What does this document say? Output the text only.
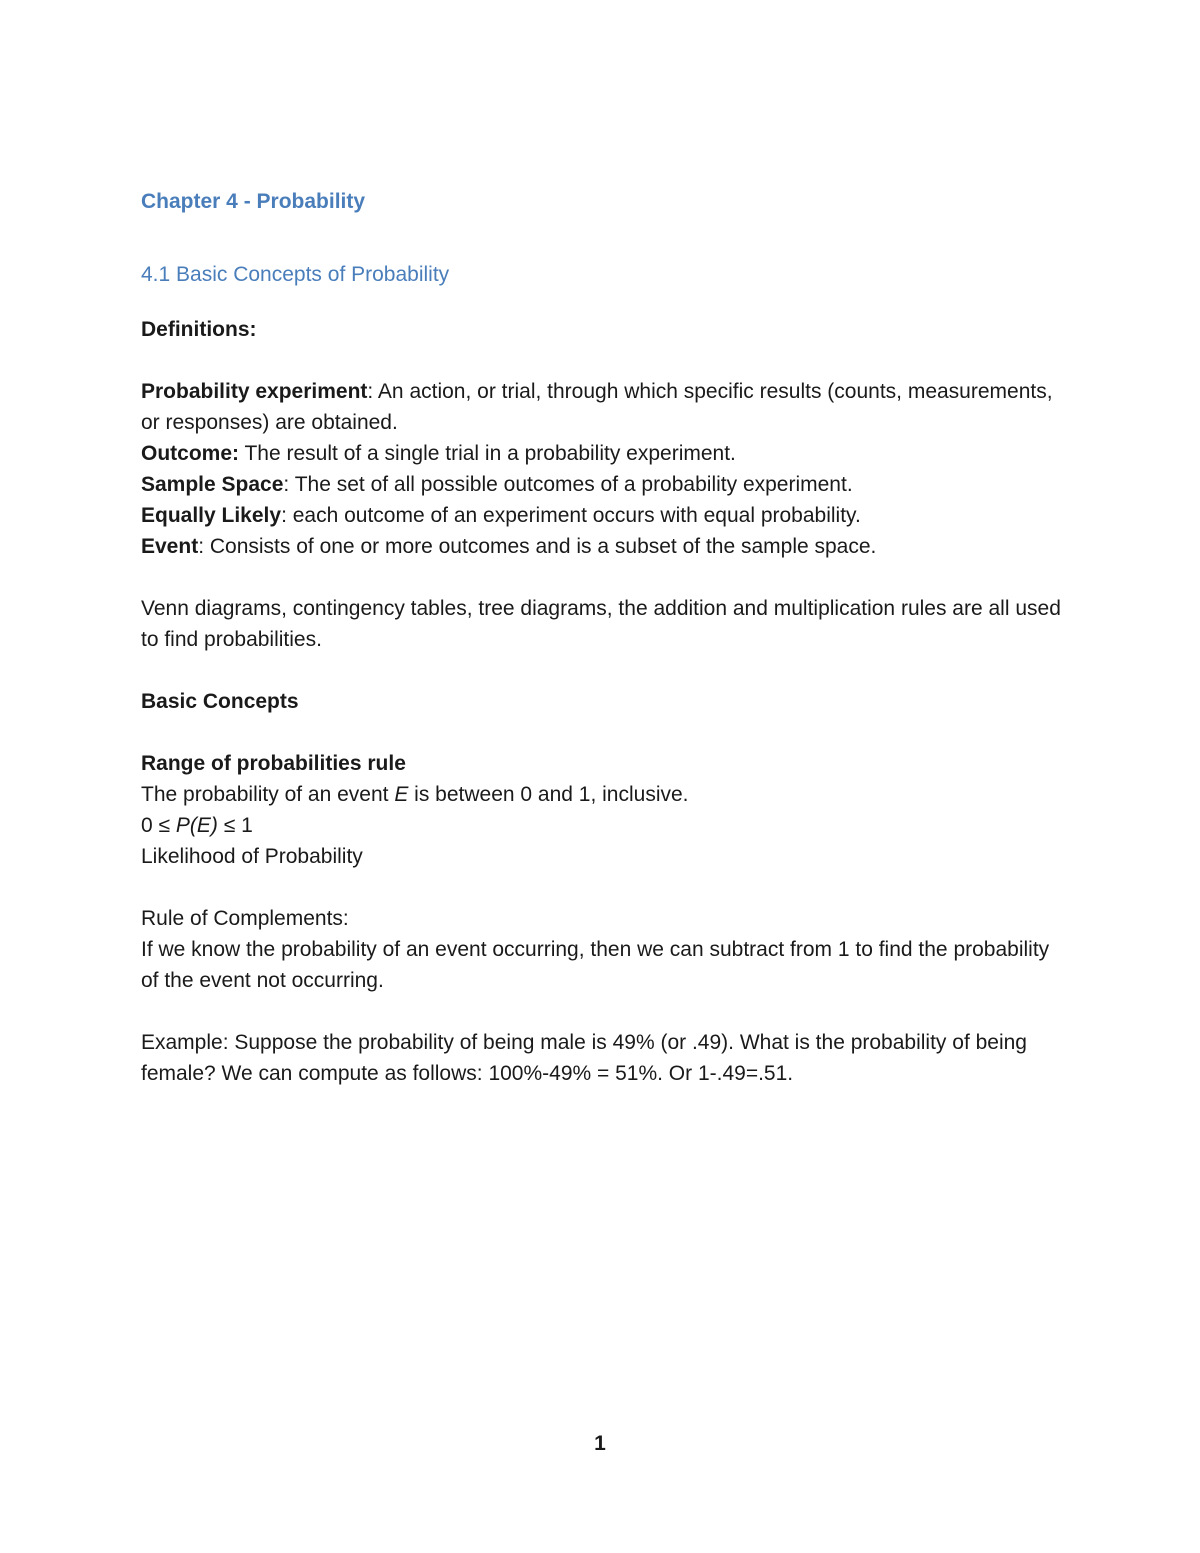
Chapter 4 - Probability
4.1 Basic Concepts of Probability

Definitions:

Probability experiment: An action, or trial, through which specific results (counts, measurements, or responses) are obtained.

Outcome: The result of a single trial in a probability experiment.

Sample Space: The set of all possible outcomes of a probability experiment.

Equally Likely: each outcome of an experiment occurs with equal probability.

Event: Consists of one or more outcomes and is a subset of the sample space.

Venn diagrams, contingency tables, tree diagrams, the addition and multiplication rules are all used to find probabilities.

Basic Concepts

Range of probabilities rule

The probability of an event E is between 0 and 1, inclusive.

0 ≤ P(E) ≤ 1

Likelihood of Probability

Rule of Complements:

If we know the probability of an event occurring, then we can subtract from 1 to find the probability of the event not occurring.

Example: Suppose the probability of being male is 49% (or .49). What is the probability of being female? We can compute as follows: 100%-49% = 51%. Or 1-.49=.51.

1
